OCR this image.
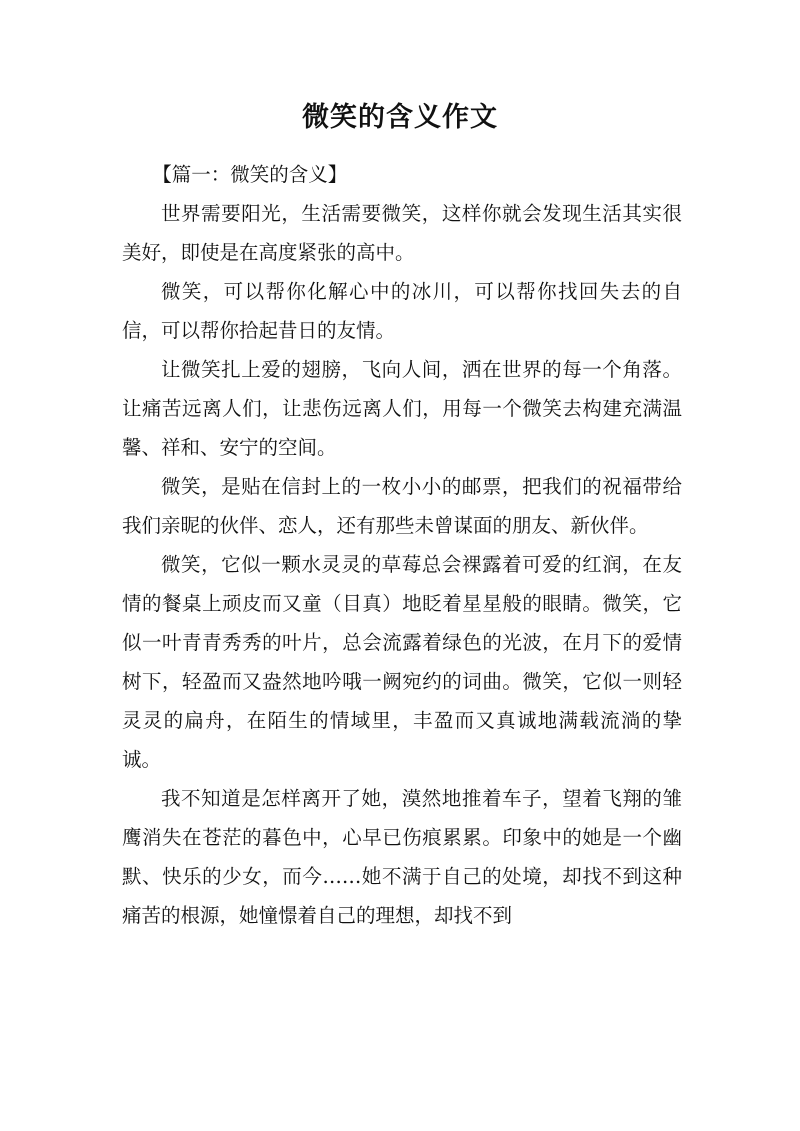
微笑的含义作文

【篇一：微笑的含义】

世界需要阳光，生活需要微笑，这样你就会发现生活其实很美好，即使是在高度紧张的高中。

微笑，可以帮你化解心中的冰川，可以帮你找回失去的自信，可以帮你拾起昔日的友情。

让微笑扎上爱的翅膀，飞向人间，洒在世界的每一个角落。让痛苦远离人们，让悲伤远离人们，用每一个微笑去构建充满温馨、祥和、安宁的空间。

微笑，是贴在信封上的一枚小小的邮票，把我们的祝福带给我们亲昵的伙伴、恋人，还有那些未曾谋面的朋友、新伙伴。

微笑，它似一颗水灵灵的草莓总会裸露着可爱的红润，在友情的餐桌上顽皮而又童（目真）地眨着星星般的眼睛。微笑，它似一叶青青秀秀的叶片，总会流露着绿色的光波，在月下的爱情树下，轻盈而又盎然地吟哦一阙宛约的词曲。微笑，它似一则轻灵灵的扁舟，在陌生的情域里，丰盈而又真诚地满载流淌的挚诚。

我不知道是怎样离开了她，漠然地推着车子，望着飞翔的雏鹰消失在苍茫的暮色中，心早已伤痕累累。印象中的她是一个幽默、快乐的少女，而今……她不满于自己的处境，却找不到这种痛苦的根源，她憧憬着自己的理想，却找不到
